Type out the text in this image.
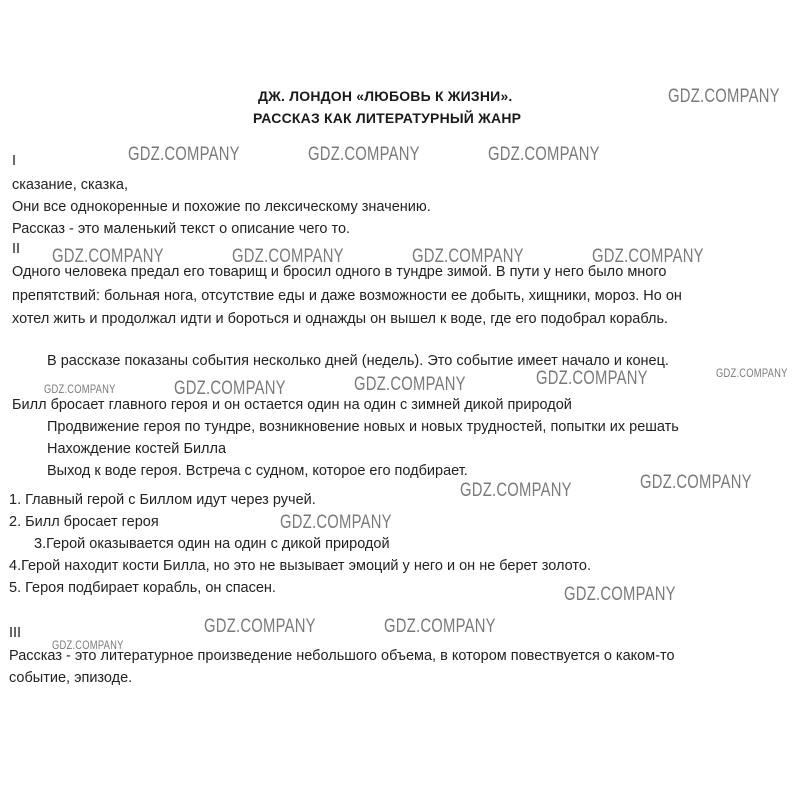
ДЖ. ЛОНДОН «ЛЮБОВЬ К ЖИЗНИ».
РАССКАЗ КАК ЛИТЕРАТУРНЫЙ ЖАНР
I
сказание, сказка,
Они все однокоренные и похожие по лексическому значению.
Рассказ - это маленький текст о описание чего то.
II
Одного человека предал его товарищ и бросил одного в тундре зимой. В пути у него было много
препятствий: больная нога, отсутствие еды и даже возможности ее добыть, хищники, мороз. Но он
хотел жить и продолжал идти и бороться и однажды он вышел к воде, где его подобрал корабль.
В рассказе показаны события несколько дней (недель). Это событие имеет начало и конец.
Билл бросает главного героя и он остается один на один с зимней дикой природой
Продвижение героя по тундре, возникновение новых и новых трудностей, попытки их решать
Нахождение костей Билла
Выход к воде героя. Встреча с судном, которое его подбирает.
1. Главный герой с Биллом идут через ручей.
2. Билл бросает героя
3.Герой оказывается один на один с дикой природой
4.Герой находит кости Билла, но это не вызывает эмоций у него и он не берет золото.
5. Героя подбирает корабль, он спасен.
III
Рассказ - это литературное произведение небольшого объема, в котором повествуется о каком-то
событие, эпизоде.
GDZ.COMPANY
GDZ.COMPANY	GDZ.COMPANY	GDZ.COMPANY
GDZ.COMPANY	GDZ.COMPANY	GDZ.COMPANY	GDZ.COMPANY
GDZ.COMPANY	GDZ.COMPANY	GDZ.COMPANY	GDZ.COMPANY	GDZ.COMPANY
GDZ.COMPANY
GDZ.COMPANY
GDZ.COMPANY
GDZ.COMPANY
GDZ.COMPANY	GDZ.COMPANY
GDZ.COMPANY
